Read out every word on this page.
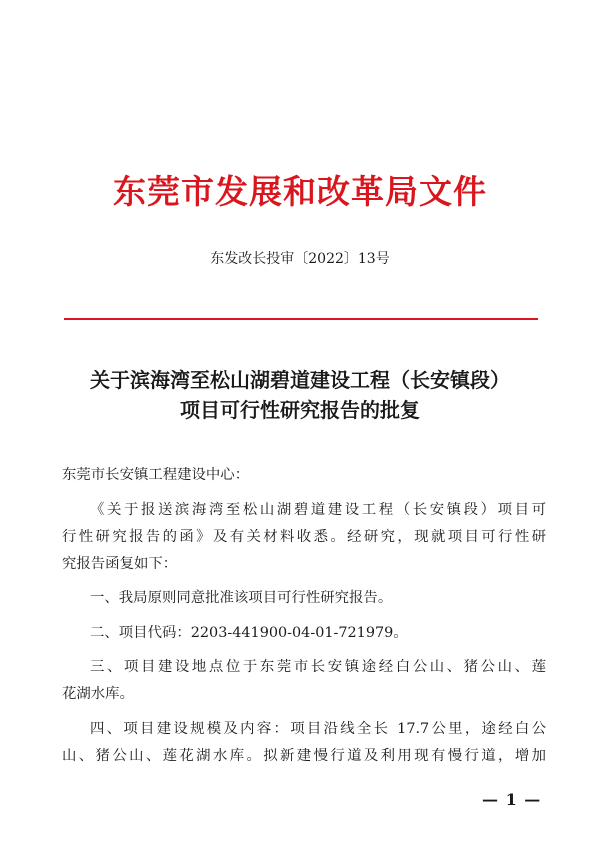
东莞市发展和改革局文件
东发改长投审〔2022〕13号
关于滨海湾至松山湖碧道建设工程（长安镇段）
项目可行性研究报告的批复
东莞市长安镇工程建设中心：
《关于报送滨海湾至松山湖碧道建设工程（长安镇段）项目可
行性研究报告的函》及有关材料收悉。经研究，现就项目可行性研
究报告函复如下：
一、我局原则同意批准该项目可行性研究报告。
二、项目代码：2203-441900-04-01-721979。
三、项目建设地点位于东莞市长安镇途经白公山、猪公山、莲
花湖水库。
四、项目建设规模及内容：项目沿线全长 17.7公里，途经白公
山、猪公山、莲花湖水库。拟新建慢行道及利用现有慢行道，增加
— 1 —
